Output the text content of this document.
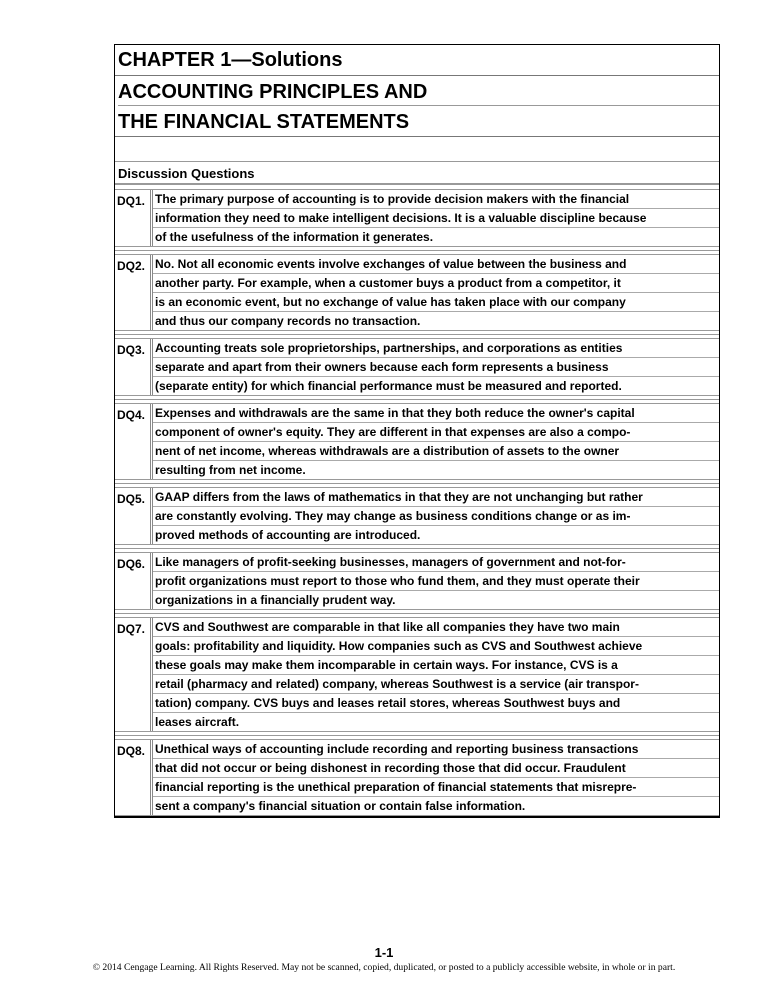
CHAPTER 1—Solutions
ACCOUNTING PRINCIPLES AND
THE FINANCIAL STATEMENTS
Discussion Questions
DQ1. The primary purpose of accounting is to provide decision makers with the financial
information they need to make intelligent decisions. It is a valuable discipline because
of the usefulness of the information it generates.
DQ2. No. Not all economic events involve exchanges of value between the business and
another party. For example, when a customer buys a product from a competitor, it
is an economic event, but no exchange of value has taken place with our company
and thus our company records no transaction.
DQ3. Accounting treats sole proprietorships, partnerships, and corporations as entities
separate and apart from their owners because each form represents a business
(separate entity) for which financial performance must be measured and reported.
DQ4. Expenses and withdrawals are the same in that they both reduce the owner's capital
component of owner's equity. They are different in that expenses are also a compo-
nent of net income, whereas withdrawals are a distribution of assets to the owner
resulting from net income.
DQ5. GAAP differs from the laws of mathematics in that they are not unchanging but rather
are constantly evolving. They may change as business conditions change or as im-
proved methods of accounting are introduced.
DQ6. Like managers of profit-seeking businesses, managers of government and not-for-
profit organizations must report to those who fund them, and they must operate their
organizations in a financially prudent way.
DQ7. CVS and Southwest are comparable in that like all companies they have two main
goals: profitability and liquidity. How companies such as CVS and Southwest achieve
these goals may make them incomparable in certain ways. For instance, CVS is a
retail (pharmacy and related) company, whereas Southwest is a service (air transpor-
tation) company. CVS buys and leases retail stores, whereas Southwest buys and
leases aircraft.
DQ8. Unethical ways of accounting include recording and reporting business transactions
that did not occur or being dishonest in recording those that did occur. Fraudulent
financial reporting is the unethical preparation of financial statements that misrepre-
sent a company's financial situation or contain false information.
1-1
© 2014 Cengage Learning. All Rights Reserved. May not be scanned, copied, duplicated, or posted to a publicly accessible website, in whole or in part.
